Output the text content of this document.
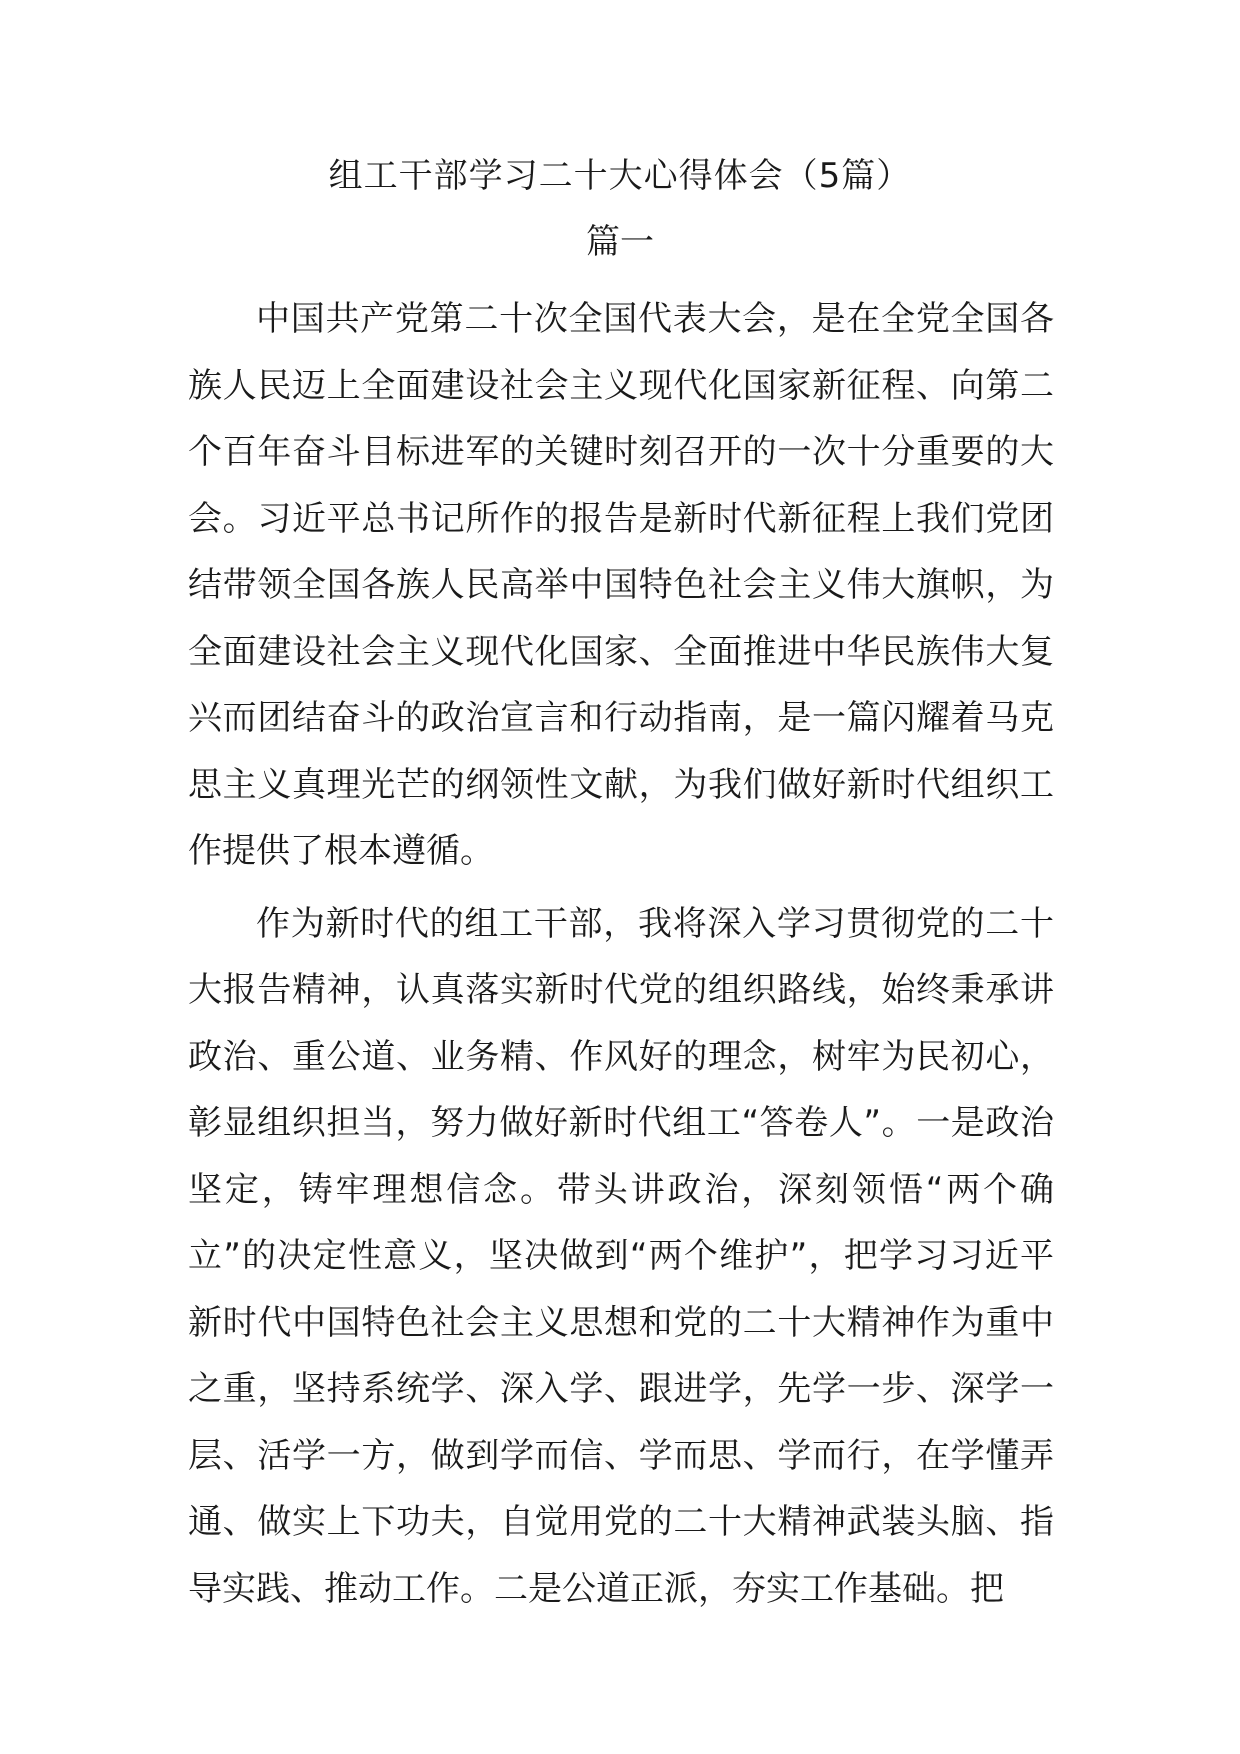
组工干部学习二十大心得体会（5篇）
篇一

中国共产党第二十次全国代表大会，是在全党全国各族人民迈上全面建设社会主义现代化国家新征程、向第二个百年奋斗目标进军的关键时刻召开的一次十分重要的大会。习近平总书记所作的报告是新时代新征程上我们党团结带领全国各族人民高举中国特色社会主义伟大旗帜，为全面建设社会主义现代化国家、全面推进中华民族伟大复兴而团结奋斗的政治宣言和行动指南，是一篇闪耀着马克思主义真理光芒的纲领性文献，为我们做好新时代组织工作提供了根本遵循。

作为新时代的组工干部，我将深入学习贯彻党的二十大报告精神，认真落实新时代党的组织路线，始终秉承讲政治、重公道、业务精、作风好的理念，树牢为民初心，彰显组织担当，努力做好新时代组工“答卷人”。一是政治坚定，铸牢理想信念。带头讲政治，深刻领悟“两个确立”的决定性意义，坚决做到“两个维护”，把学习习近平新时代中国特色社会主义思想和党的二十大精神作为重中之重，坚持系统学、深入学、跟进学，先学一步、深学一层、活学一方，做到学而信、学而思、学而行，在学懂弄通、做实上下功夫，自觉用党的二十大精神武装头脑、指导实践、推动工作。二是公道正派，夯实工作基础。把
